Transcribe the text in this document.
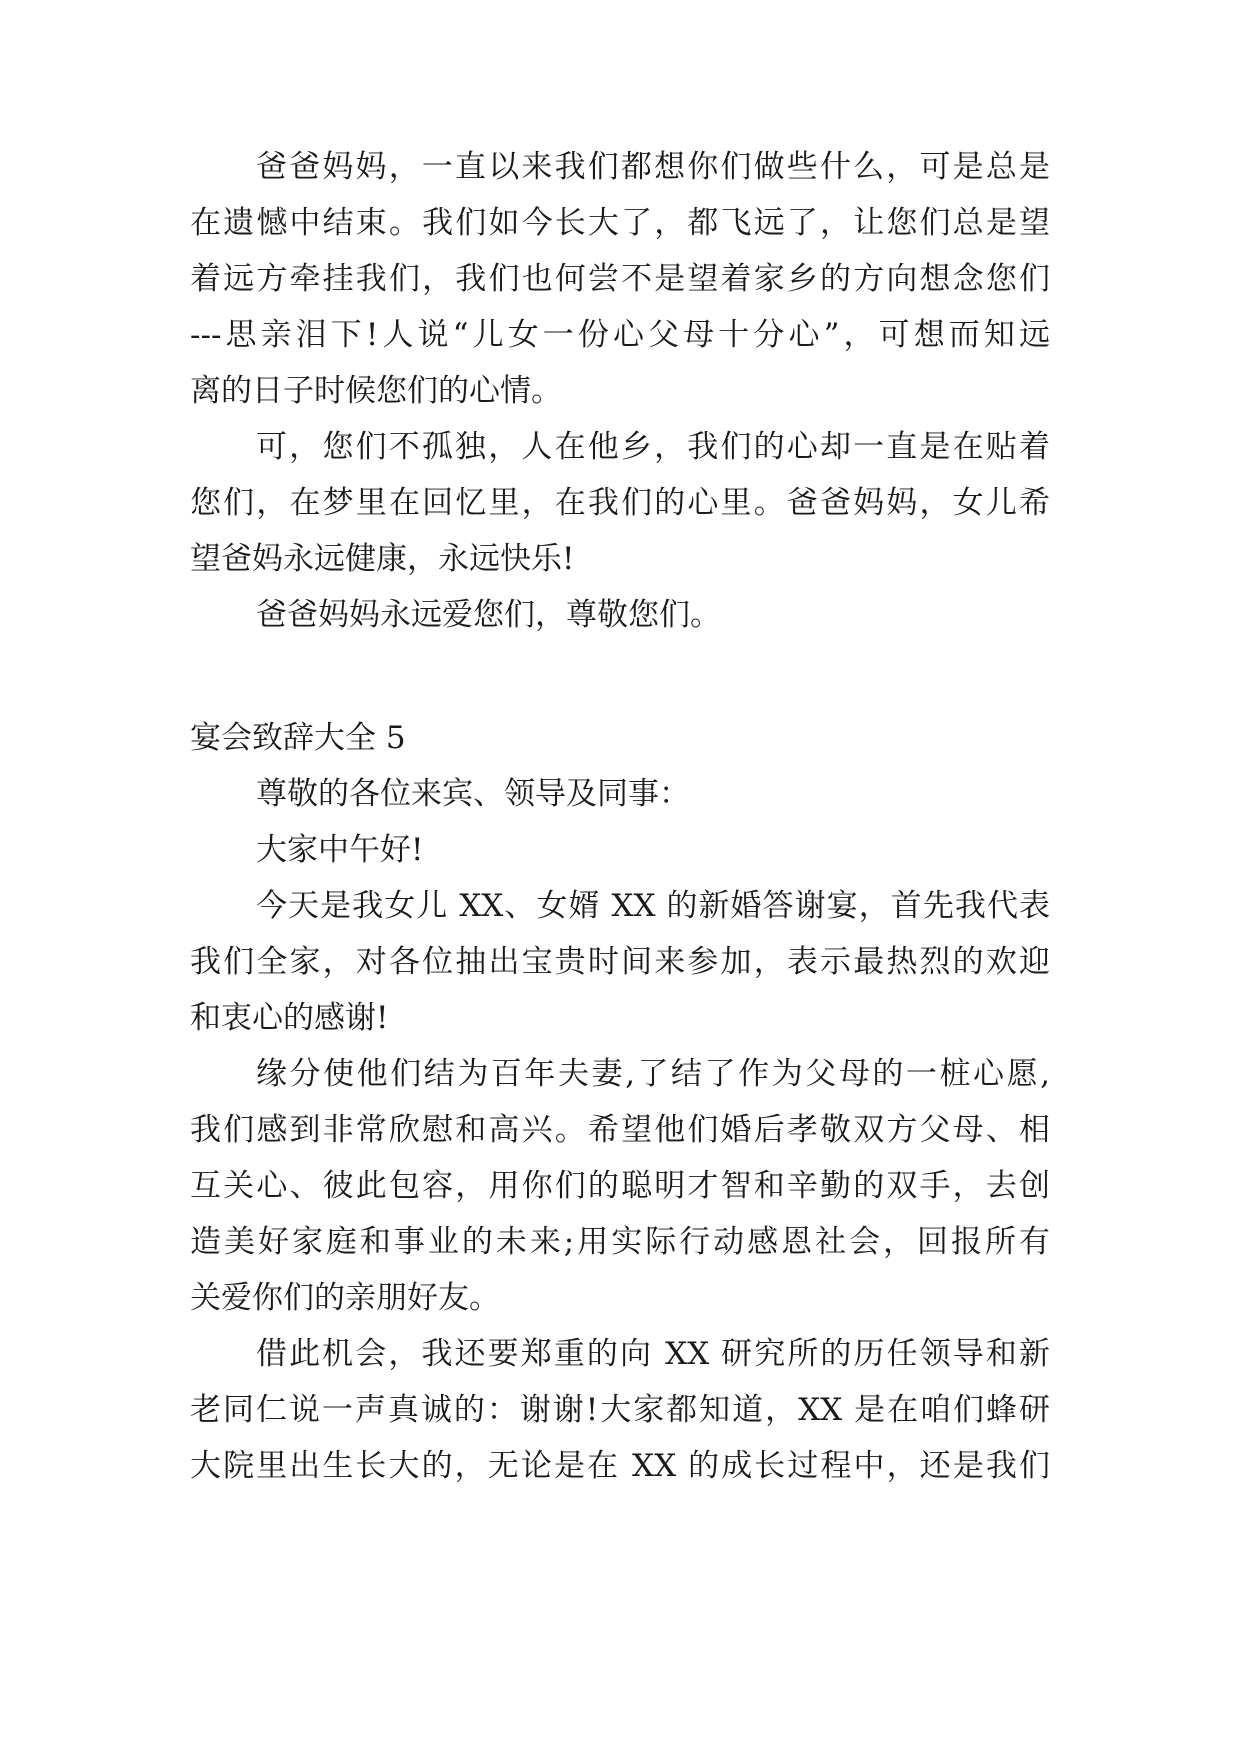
爸爸妈妈，一直以来我们都想你们做些什么，可是总是
在遗憾中结束。我们如今长大了，都飞远了，让您们总是望
着远方牵挂我们，我们也何尝不是望着家乡的方向想念您们
---思亲泪下!人说“儿女一份心父母十分心”，可想而知远
离的日子时候您们的心情。
可，您们不孤独，人在他乡，我们的心却一直是在贴着
您们，在梦里在回忆里，在我们的心里。爸爸妈妈，女儿希
望爸妈永远健康，永远快乐!
爸爸妈妈永远爱您们，尊敬您们。
宴会致辞大全 5
尊敬的各位来宾、领导及同事：
大家中午好!
今天是我女儿 XX、女婿 XX 的新婚答谢宴，首先我代表
我们全家，对各位抽出宝贵时间来参加，表示最热烈的欢迎
和衷心的感谢!
缘分使他们结为百年夫妻,了结了作为父母的一桩心愿,
我们感到非常欣慰和高兴。希望他们婚后孝敬双方父母、相
互关心、彼此包容，用你们的聪明才智和辛勤的双手，去创
造美好家庭和事业的未来;用实际行动感恩社会，回报所有
关爱你们的亲朋好友。
借此机会，我还要郑重的向 XX 研究所的历任领导和新
老同仁说一声真诚的：谢谢!大家都知道，XX 是在咱们蜂研
大院里出生长大的，无论是在 XX 的成长过程中，还是我们
